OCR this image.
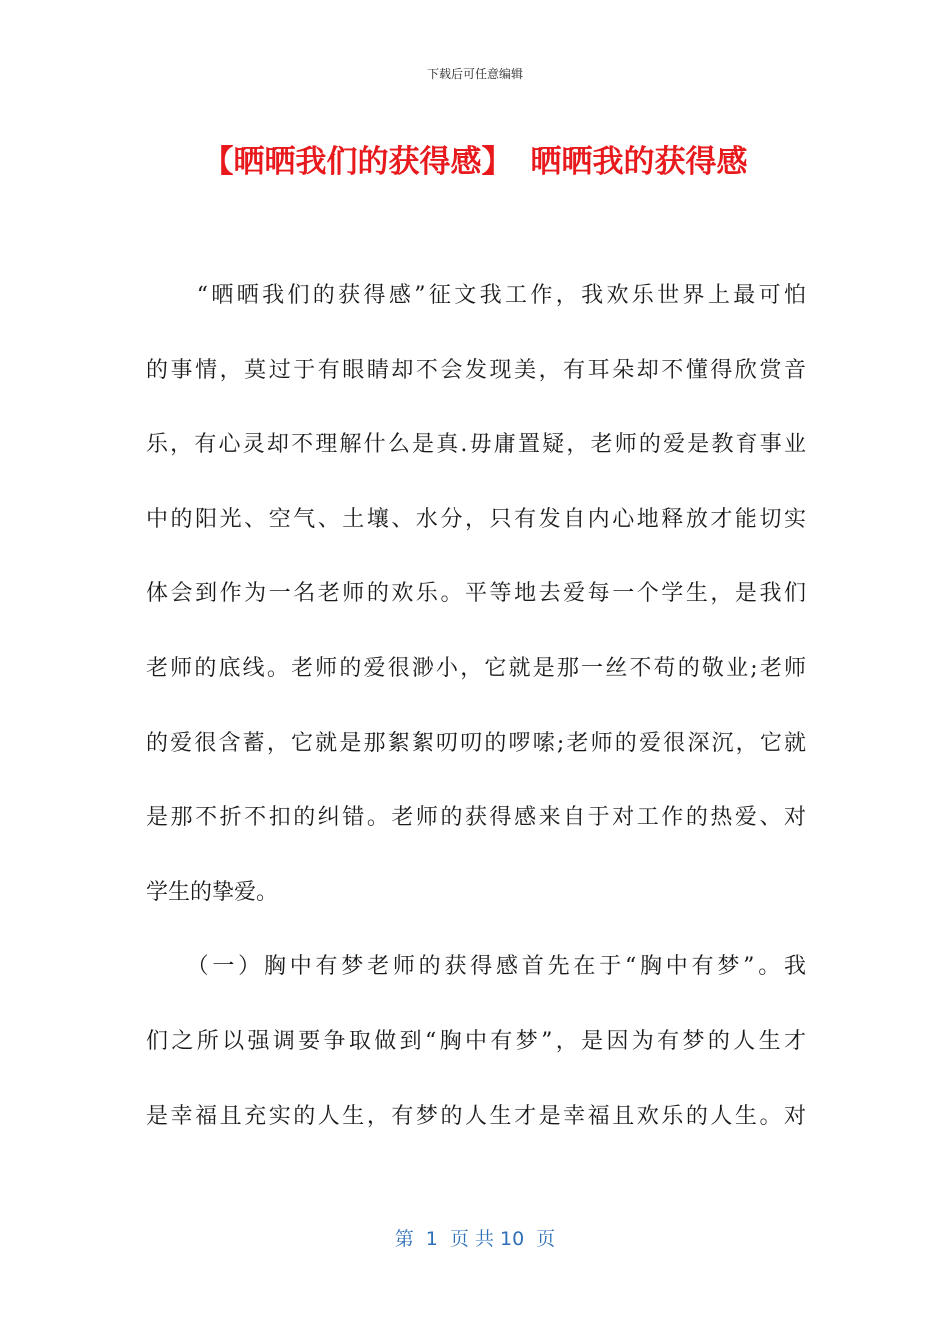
下载后可任意编辑
【晒晒我们的获得感】 晒晒我的获得感
　　“晒晒我们的获得感”征文我工作，我欢乐世界上最可怕
的事情，莫过于有眼睛却不会发现美，有耳朵却不懂得欣赏音
乐，有心灵却不理解什么是真.毋庸置疑，老师的爱是教育事业
中的阳光、空气、土壤、水分，只有发自内心地释放才能切实
体会到作为一名老师的欢乐。平等地去爱每一个学生，是我们
老师的底线。老师的爱很渺小，它就是那一丝不苟的敬业;老师
的爱很含蓄，它就是那絮絮叨叨的啰嗦;老师的爱很深沉，它就
是那不折不扣的纠错。老师的获得感来自于对工作的热爱、对
学生的挚爱。
　　（一）胸中有梦老师的获得感首先在于“胸中有梦”。我
们之所以强调要争取做到“胸中有梦”，是因为有梦的人生才
是幸福且充实的人生，有梦的人生才是幸福且欢乐的人生。对
第  1  页 共 10  页
